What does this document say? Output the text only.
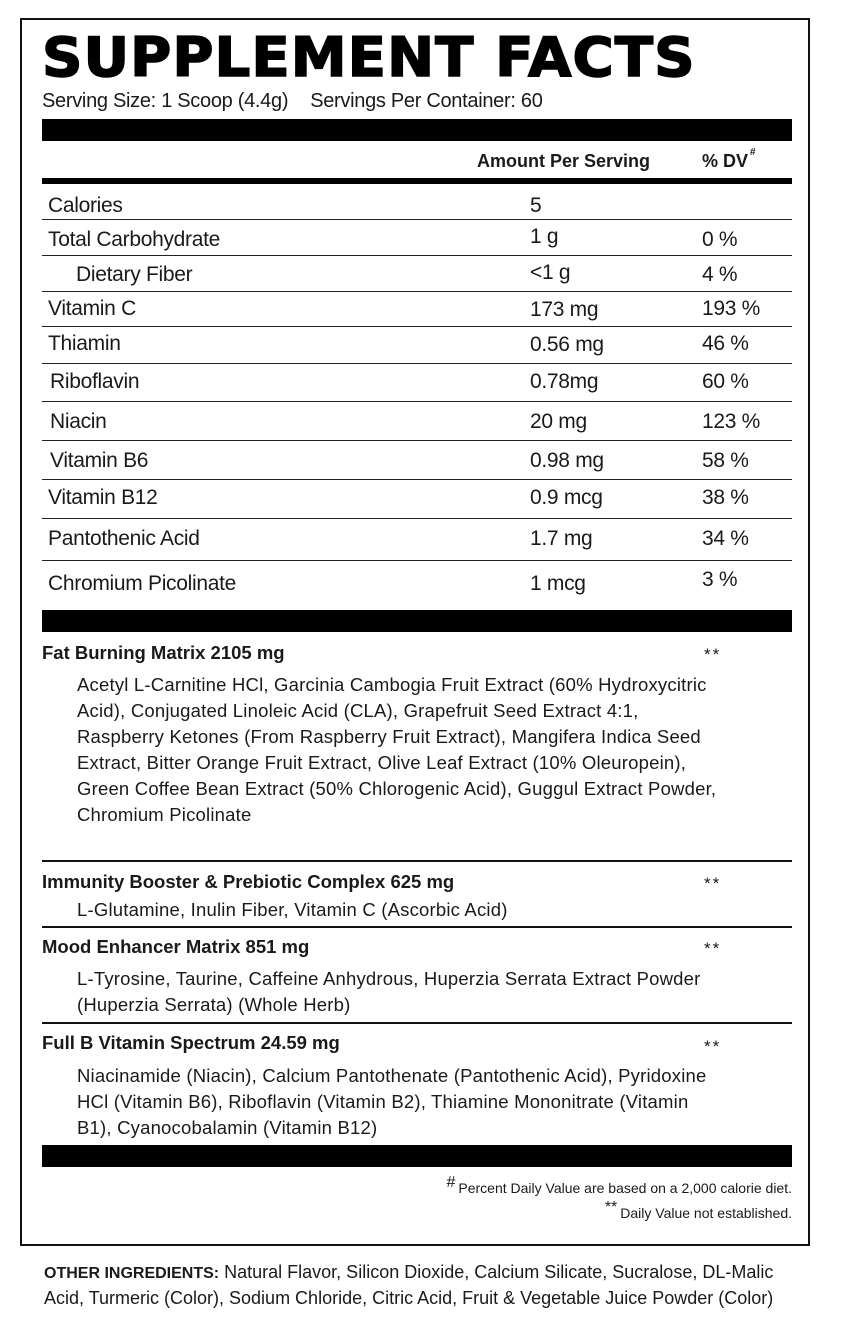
SUPPLEMENT FACTS
Serving Size: 1 Scoop (4.4g) Servings Per Container: 60
Amount Per Serving	% DV #
Calories	5
Total Carbohydrate	1 g	0 %
Dietary Fiber	<1 g	4 %
Vitamin C	173 mg	193 %
Thiamin	0.56 mg	46 %
Riboflavin	0.78mg	60 %
Niacin	20 mg	123 %
Vitamin B6	0.98 mg	58 %
Vitamin B12	0.9 mcg	38 %
Pantothenic Acid	1.7 mg	34 %
Chromium Picolinate	1 mcg	3 %
Fat Burning Matrix 2105 mg	**
Acetyl L-Carnitine HCl, Garcinia Cambogia Fruit Extract (60% Hydroxycitric Acid), Conjugated Linoleic Acid (CLA), Grapefruit Seed Extract 4:1, Raspberry Ketones (From Raspberry Fruit Extract), Mangifera Indica Seed Extract, Bitter Orange Fruit Extract, Olive Leaf Extract (10% Oleuropein), Green Coffee Bean Extract (50% Chlorogenic Acid), Guggul Extract Powder, Chromium Picolinate
Immunity Booster & Prebiotic Complex 625 mg	**
L-Glutamine, Inulin Fiber, Vitamin C (Ascorbic Acid)
Mood Enhancer Matrix 851 mg	**
L-Tyrosine, Taurine, Caffeine Anhydrous, Huperzia Serrata Extract Powder (Huperzia Serrata) (Whole Herb)
Full B Vitamin Spectrum 24.59 mg	**
Niacinamide (Niacin), Calcium Pantothenate (Pantothenic Acid), Pyridoxine HCl (Vitamin B6), Riboflavin (Vitamin B2), Thiamine Mononitrate (Vitamin B1), Cyanocobalamin (Vitamin B12)
# Percent Daily Value are based on a 2,000 calorie diet.
** Daily Value not established.
OTHER INGREDIENTS: Natural Flavor, Silicon Dioxide, Calcium Silicate, Sucralose, DL-Malic Acid, Turmeric (Color), Sodium Chloride, Citric Acid, Fruit & Vegetable Juice Powder (Color)
